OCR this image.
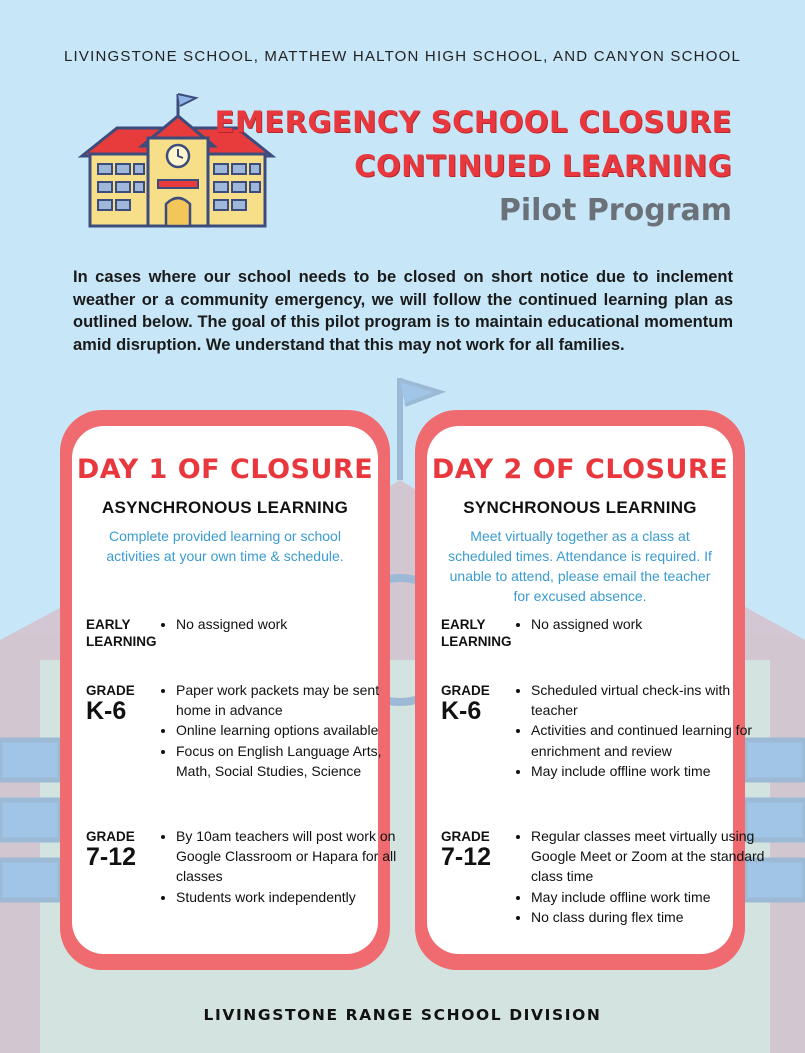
LIVINGSTONE SCHOOL, MATTHEW HALTON HIGH SCHOOL, AND CANYON SCHOOL
EMERGENCY SCHOOL CLOSURE
CONTINUED LEARNING
Pilot Program
In cases where our school needs to be closed on short notice due to inclement weather or a community emergency, we will follow the continued learning plan as outlined below. The goal of this pilot program is to maintain educational momentum amid disruption. We understand that this may not work for all families.
DAY 1 OF CLOSURE
ASYNCHRONOUS LEARNING
Complete provided learning or school activities at your own time & schedule.
EARLY
LEARNING
• No assigned work
GRADE
K-6
• Paper work packets may be sent home in advance
• Online learning options available
• Focus on English Language Arts, Math, Social Studies, Science
GRADE
7-12
• By 10am teachers will post work on Google Classroom or Hapara for all classes
• Students work independently
DAY 2 OF CLOSURE
SYNCHRONOUS LEARNING
Meet virtually together as a class at scheduled times. Attendance is required. If unable to attend, please email the teacher for excused absence.
EARLY
LEARNING
• No assigned work
GRADE
K-6
• Scheduled virtual check-ins with teacher
• Activities and continued learning for enrichment and review
• May include offline work time
GRADE
7-12
• Regular classes meet virtually using Google Meet or Zoom at the standard class time
• May include offline work time
• No class during flex time
LIVINGSTONE RANGE SCHOOL DIVISION
